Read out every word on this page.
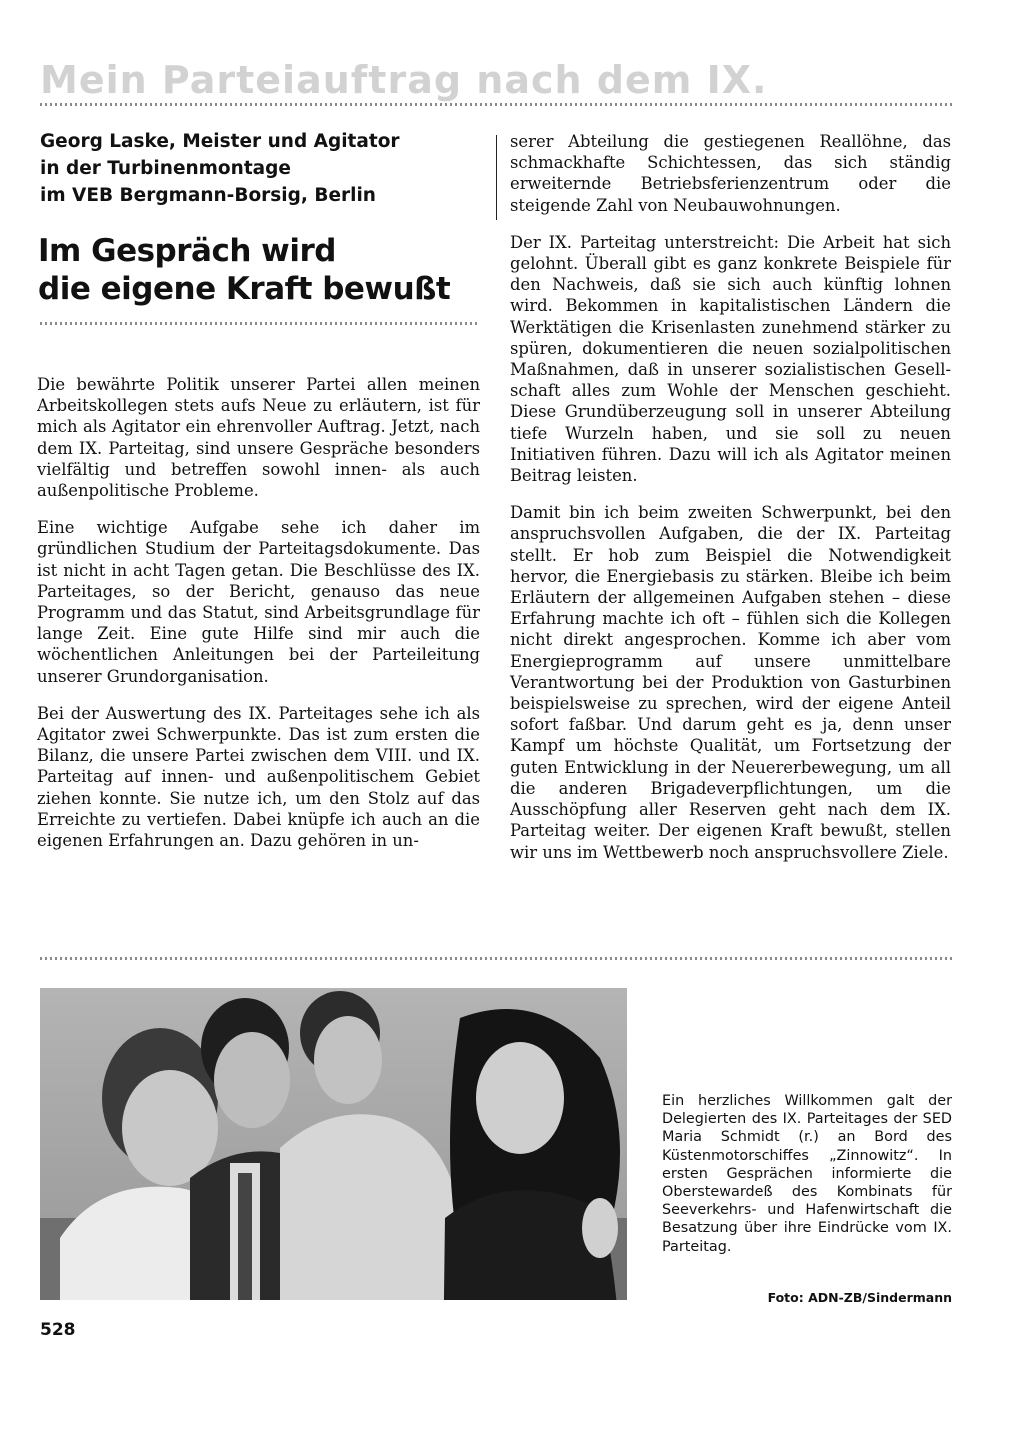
Mein Parteiauftrag nach dem IX.
Georg Laske, Meister und Agitator
in der Turbinenmontage
im VEB Bergmann-Borsig, Berlin
Im Gespräch wird
die eigene Kraft bewußt

Die bewährte Politik unserer Partei allen meinen Arbeitskollegen stets aufs Neue zu erläutern, ist für mich als Agitator ein ehrenvoller Auftrag. Jetzt, nach dem IX. Parteitag, sind unsere Gespräche besonders vielfältig und betreffen sowohl innen- als auch außenpolitische Probleme.

Eine wichtige Aufgabe sehe ich daher im gründlichen Studium der Parteitagsdokumente. Das ist nicht in acht Tagen getan. Die Beschlüsse des IX. Parteitages, so der Bericht, genauso das neue Programm und das Statut, sind Arbeitsgrundlage für lange Zeit. Eine gute Hilfe sind mir auch die wöchentlichen Anleitungen bei der Parteileitung unserer Grundorganisation.

Bei der Auswertung des IX. Parteitages sehe ich als Agitator zwei Schwerpunkte. Das ist zum ersten die Bilanz, die unsere Partei zwischen dem VIII. und IX. Parteitag auf innen- und außenpolitischem Gebiet ziehen konnte. Sie nutze ich, um den Stolz auf das Erreichte zu vertiefen. Dabei knüpfe ich auch an die eigenen Erfahrungen an. Dazu gehören in un-

serer Abteilung die gestiegenen Reallöhne, das schmackhafte Schichtessen, das sich ständig erweiternde Betriebsferienzentrum oder die steigende Zahl von Neubauwohnungen.

Der IX. Parteitag unterstreicht: Die Arbeit hat sich gelohnt. Überall gibt es ganz konkrete Beispiele für den Nachweis, daß sie sich auch künftig lohnen wird. Bekommen in kapitalistischen Ländern die Werktätigen die Krisenlasten zunehmend stärker zu spüren, dokumentieren die neuen sozialpolitischen Maßnahmen, daß in unserer sozialistischen Gesellschaft alles zum Wohle der Menschen geschieht. Diese Grundüberzeugung soll in unserer Abteilung tiefe Wurzeln haben, und sie soll zu neuen Initiativen führen. Dazu will ich als Agitator meinen Beitrag leisten.

Damit bin ich beim zweiten Schwerpunkt, bei den anspruchsvollen Aufgaben, die der IX. Parteitag stellt. Er hob zum Beispiel die Notwendigkeit hervor, die Energiebasis zu stärken. Bleibe ich beim Erläutern der allgemeinen Aufgaben stehen – diese Erfahrung machte ich oft – fühlen sich die Kollegen nicht direkt angesprochen. Komme ich aber vom Energieprogramm auf unsere unmittelbare Verantwortung bei der Produktion von Gasturbinen beispielsweise zu sprechen, wird der eigene Anteil sofort faßbar. Und darum geht es ja, denn unser Kampf um höchste Qualität, um Fortsetzung der guten Entwicklung in der Neuererbewegung, um all die anderen Brigadeverpflichtungen, um die Ausschöpfung aller Reserven geht nach dem IX. Parteitag weiter. Der eigenen Kraft bewußt, stellen wir uns im Wettbewerb noch anspruchsvollere Ziele.

Ein herzliches Willkommen galt der Delegierten des IX. Parteitages der SED Maria Schmidt (r.) an Bord des Küstenmotorschiffes „Zinnowitz“. In ersten Gesprächen informierte die Oberstewardeß des Kombinats für Seeverkehrs- und Hafenwirtschaft die Besatzung über ihre Eindrücke vom IX. Parteitag.

Foto: ADN-ZB/Sindermann

528
